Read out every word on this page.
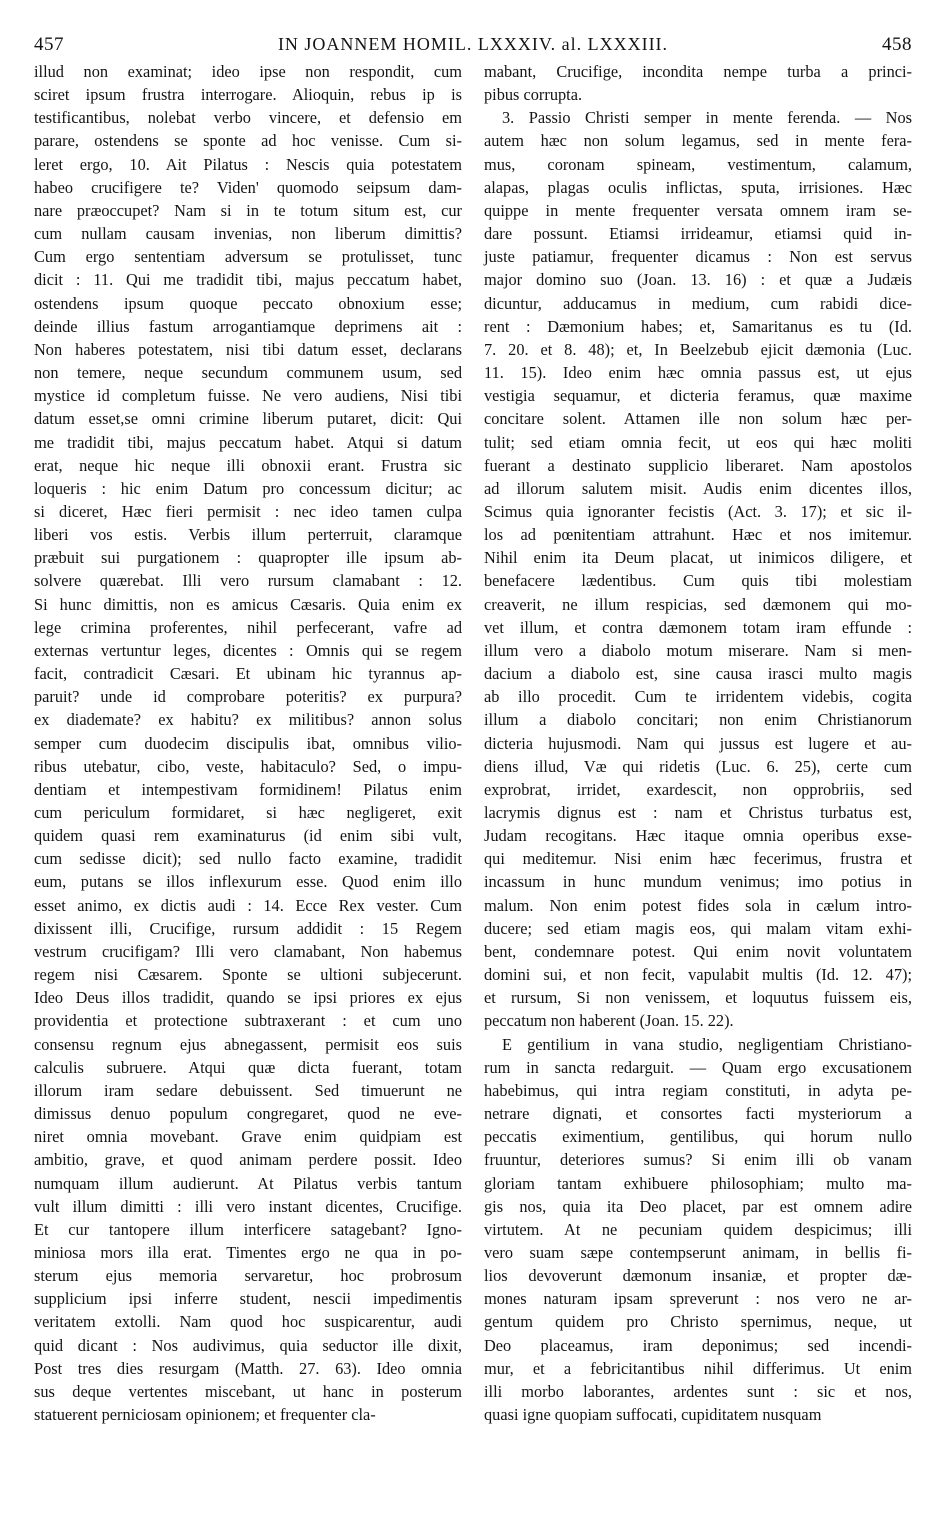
457	IN JOANNEM HOMIL. LXXXIV. al. LXXXIII.	458

illud non examinat; ideo ipse non respondit, cum

sciret ipsum frustra interrogare. Alioquin, rebus ip is

testificantibus, nolebat verbo vincere, et defensio em

parare, ostendens se sponte ad hoc venisse. Cum si-

leret ergo, 10. Ait Pilatus : Nescis quia potestatem

habeo crucifigere te? Viden' quomodo seipsum dam-

nare præoccupet? Nam si in te totum situm est, cur

cum nullam causam invenias, non liberum dimittis?

Cum ergo sententiam adversum se protulisset, tunc

dicit : 11. Qui me tradidit tibi, majus peccatum habet,

ostendens ipsum quoque peccato obnoxium esse;

deinde illius fastum arrogantiamque deprimens ait :

Non haberes potestatem, nisi tibi datum esset, declarans

non temere, neque secundum communem usum, sed

mystice id completum fuisse. Ne vero audiens, Nisi tibi

datum esset,se omni crimine liberum putaret, dicit: Qui

me tradidit tibi, majus peccatum habet. Atqui si datum

erat, neque hic neque illi obnoxii erant. Frustra sic

loqueris : hic enim Datum pro concessum dicitur; ac

si diceret, Hæc fieri permisit : nec ideo tamen culpa

liberi vos estis. Verbis illum perterruit, claramque

præbuit sui purgationem : quapropter ille ipsum ab-

solvere quærebat. Illi vero rursum clamabant : 12.

Si hunc dimittis, non es amicus Cæsaris. Quia enim ex

lege crimina proferentes, nihil perfecerant, vafre ad

externas vertuntur leges, dicentes : Omnis qui se regem

facit, contradicit Cæsari. Et ubinam hic tyrannus ap-

paruit? unde id comprobare poteritis? ex purpura?

ex diademate? ex habitu? ex militibus? annon solus

semper cum duodecim discipulis ibat, omnibus vilio-

ribus utebatur, cibo, veste, habitaculo? Sed, o impu-

dentiam et intempestivam formidinem! Pilatus enim

cum periculum formidaret, si hæc negligeret, exit

quidem quasi rem examinaturus (id enim sibi vult,

cum sedisse dicit); sed nullo facto examine, tradidit

eum, putans se illos inflexurum esse. Quod enim illo

esset animo, ex dictis audi : 14. Ecce Rex vester. Cum

dixissent illi, Crucifige, rursum addidit : 15 Regem

vestrum crucifigam? Illi vero clamabant, Non habemus

regem nisi Cæsarem. Sponte se ultioni subjecerunt.

Ideo Deus illos tradidit, quando se ipsi priores ex ejus

providentia et protectione subtraxerant : et cum uno

consensu regnum ejus abnegassent, permisit eos suis

calculis subruere. Atqui quæ dicta fuerant, totam

illorum iram sedare debuissent. Sed timuerunt ne

dimissus denuo populum congregaret, quod ne eve-

niret omnia movebant. Grave enim quidpiam est

ambitio, grave, et quod animam perdere possit. Ideo

numquam illum audierunt. At Pilatus verbis tantum

vult illum dimitti : illi vero instant dicentes, Crucifige.

Et cur tantopere illum interficere satagebant? Igno-

miniosa mors illa erat. Timentes ergo ne qua in po-

sterum ejus memoria servaretur, hoc probrosum

supplicium ipsi inferre student, nescii impedimentis

veritatem extolli. Nam quod hoc suspicarentur, audi

quid dicant : Nos audivimus, quia seductor ille dixit,

Post tres dies resurgam (Matth. 27. 63). Ideo omnia

sus deque vertentes miscebant, ut hanc in posterum

statuerent perniciosam opinionem; et frequenter cla-

mabant, Crucifige, incondita nempe turba a princi-

pibus corrupta.

3. Passio Christi semper in mente ferenda. — Nos

autem hæc non solum legamus, sed in mente fera-

mus, coronam spineam, vestimentum, calamum,

alapas, plagas oculis inflictas, sputa, irrisiones. Hæc

quippe in mente frequenter versata omnem iram se-

dare possunt. Etiamsi irrideamur, etiamsi quid in-

juste patiamur, frequenter dicamus : Non est servus

major domino suo (Joan. 13. 16) : et quæ a Judæis

dicuntur, adducamus in medium, cum rabidi dice-

rent : Dæmonium habes; et, Samaritanus es tu (Id.

7. 20. et 8. 48); et, In Beelzebub ejicit dæmonia (Luc.

11. 15). Ideo enim hæc omnia passus est, ut ejus

vestigia sequamur, et dicteria feramus, quæ maxime

concitare solent. Attamen ille non solum hæc per-

tulit; sed etiam omnia fecit, ut eos qui hæc moliti

fuerant a destinato supplicio liberaret. Nam apostolos

ad illorum salutem misit. Audis enim dicentes illos,

Scimus quia ignoranter fecistis (Act. 3. 17); et sic il-

los ad pœnitentiam attrahunt. Hæc et nos imitemur.

Nihil enim ita Deum placat, ut inimicos diligere, et

benefacere lædentibus. Cum quis tibi molestiam

creaverit, ne illum respicias, sed dæmonem qui mo-

vet illum, et contra dæmonem totam iram effunde :

illum vero a diabolo motum miserare. Nam si men-

dacium a diabolo est, sine causa irasci multo magis

ab illo procedit. Cum te irridentem videbis, cogita

illum a diabolo concitari; non enim Christianorum

dicteria hujusmodi. Nam qui jussus est lugere et au-

diens illud, Væ qui ridetis (Luc. 6. 25), certe cum

exprobrat, irridet, exardescit, non opprobriis, sed

lacrymis dignus est : nam et Christus turbatus est,

Judam recogitans. Hæc itaque omnia operibus exse-

qui meditemur. Nisi enim hæc fecerimus, frustra et

incassum in hunc mundum venimus; imo potius in

malum. Non enim potest fides sola in cælum intro-

ducere; sed etiam magis eos, qui malam vitam exhi-

bent, condemnare potest. Qui enim novit voluntatem

domini sui, et non fecit, vapulabit multis (Id. 12. 47);

et rursum, Si non venissem, et loquutus fuissem eis,

peccatum non haberent (Joan. 15. 22).

E gentilium in vana studio, negligentiam Christiano-

rum in sancta redarguit. — Quam ergo excusationem

habebimus, qui intra regiam constituti, in adyta pe-

netrare dignati, et consortes facti mysteriorum a

peccatis eximentium, gentilibus, qui horum nullo

fruuntur, deteriores sumus? Si enim illi ob vanam

gloriam tantam exhibuere philosophiam; multo ma-

gis nos, quia ita Deo placet, par est omnem adire

virtutem. At ne pecuniam quidem despicimus; illi

vero suam sæpe contempserunt animam, in bellis fi-

lios devoverunt dæmonum insaniæ, et propter dæ-

mones naturam ipsam spreverunt : nos vero ne ar-

gentum quidem pro Christo spernimus, neque, ut

Deo placeamus, iram deponimus; sed incendi-

mur, et a febricitantibus nihil differimus. Ut enim

illi morbo laborantes, ardentes sunt : sic et nos,

quasi igne quopiam suffocati, cupiditatem nusquam
